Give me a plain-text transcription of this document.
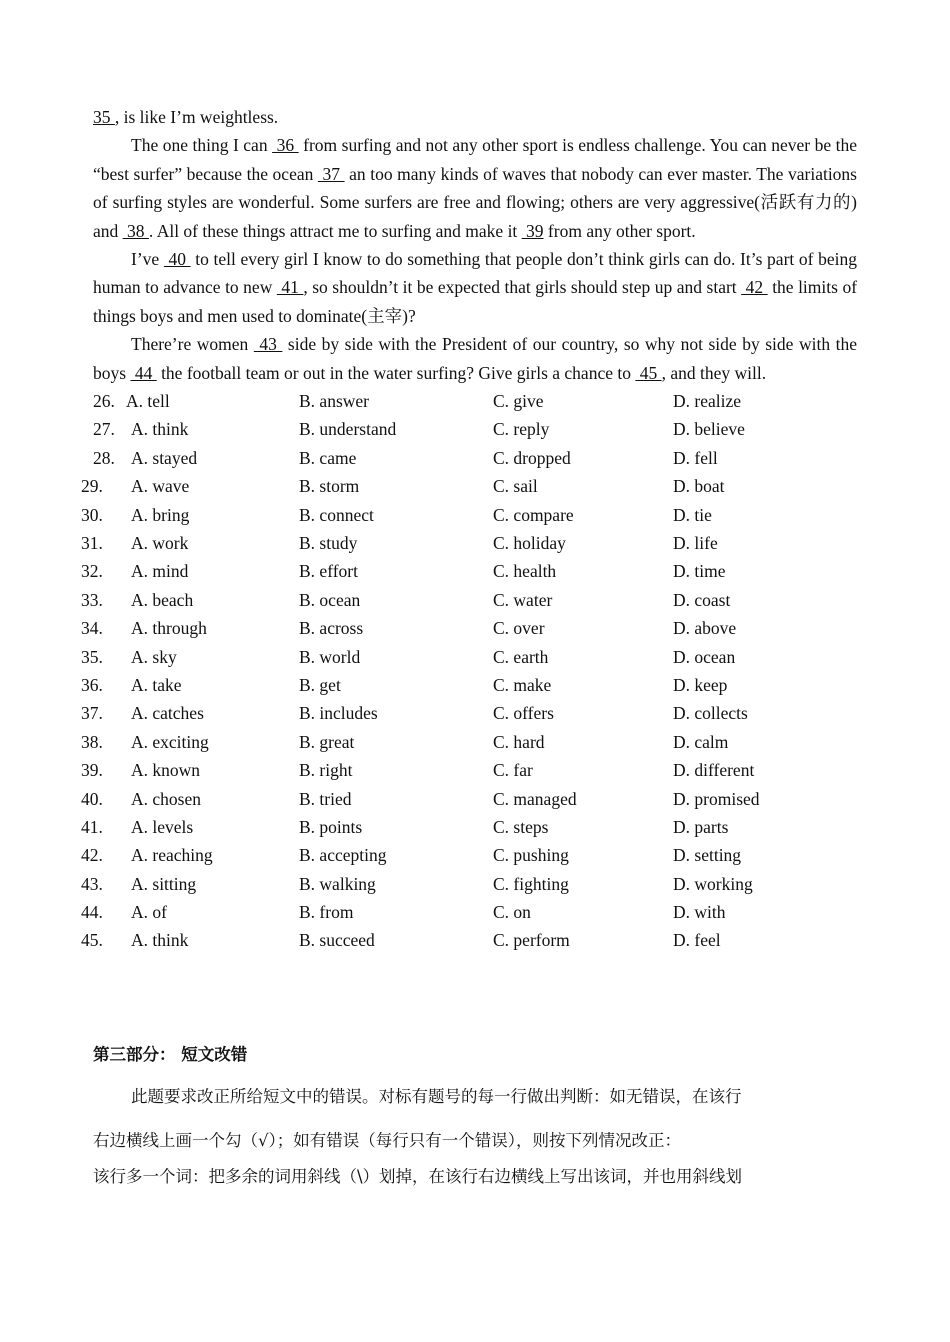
35 , is like I’m weightless.

The one thing I can  36  from surfing and not any other sport is endless challenge. You can never be the “best surfer” because the ocean  37  an too many kinds of waves that nobody can ever master. The variations of surfing styles are wonderful. Some surfers are free and flowing; others are very aggressive(活跃有力的) and  38 . All of these things attract me to surfing and make it  39 from any other sport.

I’ve  40  to tell every girl I know to do something that people don’t think girls can do. It’s part of being human to advance to new  41 , so shouldn’t it be expected that girls should step up and start  42  the limits of things boys and men used to dominate(主宰)?

There’re women  43  side by side with the President of our country, so why not side by side with the boys  44  the football team or out in the water surfing? Give girls a chance to  45 , and they will.

26. A. tell	B. answer	C. give	D. realize
27. A. think	B. understand	C. reply	D. believe
28. A. stayed	B. came	C. dropped	D. fell
29.	A. wave	B. storm	C. sail	D. boat
30.	A. bring	B. connect	C. compare	D. tie
31.	A. work	B. study	C. holiday	D. life
32.	A. mind	B. effort	C. health	D. time
33.	A. beach	B. ocean	C. water	D. coast
34.	A. through	B. across	C. over	D. above
35.	A. sky	B. world	C. earth	D. ocean
36.	A. take	B. get	C. make	D. keep
37.	A. catches	B. includes	C. offers	D. collects
38.	A. exciting	B. great	C. hard	D. calm
39.	A. known	B. right	C. far	D. different
40.	A. chosen	B. tried	C. managed	D. promised
41.	A. levels	B. points	C. steps	D. parts
42.	A. reaching	B. accepting	C. pushing	D. setting
43.	A. sitting	B. walking	C. fighting	D. working
44.	A. of	B. from	C. on	D. with
45.	A. think	B. succeed	C. perform	D. feel

第三部分： 短文改错

此题要求改正所给短文中的错误。对标有题号的每一行做出判断：如无错误，在该行

右边横线上画一个勾（√）；如有错误（每行只有一个错误），则按下列情况改正：

该行多一个词：把多余的词用斜线（\）划掉，在该行右边横线上写出该词，并也用斜线划
